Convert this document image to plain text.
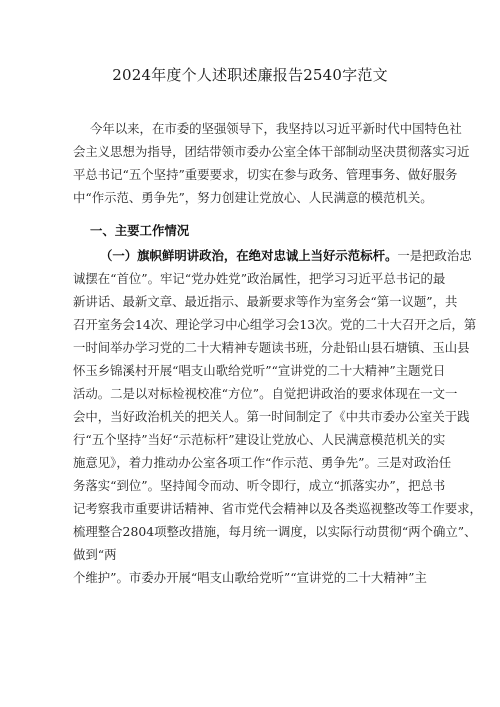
2024年度个人述职述廉报告2540字范文

今年以来，在市委的坚强领导下，我坚持以习近平新时代中国特色社

会主义思想为指导，团结带领市委办公室全体干部制动坚决贯彻落实习近

平总书记“五个坚持”重要要求，切实在参与政务、管理事务、做好服务

中“作示范、勇争先”，努力创建让党放心、人民满意的模范机关。

一、主要工作情况

（一）旗帜鲜明讲政治，在绝对忠诚上当好示范标杆。一是把政治忠

诚摆在“首位”。牢记“党办姓党”政治属性，把学习习近平总书记的最

新讲话、最新文章、最近指示、最新要求等作为室务会“第一议题”，共

召开室务会14次、理论学习中心组学习会13次。党的二十大召开之后，第

一时间举办学习党的二十大精神专题读书班，分赴铅山县石塘镇、玉山县

怀玉乡锦溪村开展“唱支山歌给党听”“宣讲党的二十大精神”主题党日

活动。二是以对标检视校准“方位”。自觉把讲政治的要求体现在一文一

会中，当好政治机关的把关人。第一时间制定了《中共市委办公室关于践

行“五个坚持”当好“示范标杆”建设让党放心、人民满意模范机关的实

施意见》，着力推动办公室各项工作“作示范、勇争先”。三是对政治任

务落实“到位”。坚持闻令而动、听令即行，成立“抓落实办”，把总书

记考察我市重要讲话精神、省市党代会精神以及各类巡视整改等工作要求，

梳理整合2804项整改措施，每月统一调度，以实际行动贯彻“两个确立”、

做到“两

个维护”。市委办开展“唱支山歌给党听”“宣讲党的二十大精神”主
